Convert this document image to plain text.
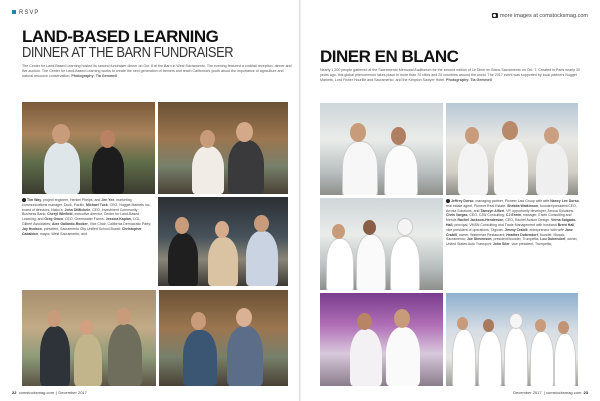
RSVP
LAND-BASED LEARNING
DINNER AT THE BARN FUNDRAISER
The Center for Land-Based Learning hosted its second fundraiser dinner on Oct. 8 at the Barn in West Sacramento. The evening featured a cocktail reception, dinner and live auction. The Center for Land-Based Learning works to create the next generation of farmers and teach California's youth about the importance of agriculture and natural resource conservation. Photography: Tia Gemmell
Tim Way, project engineer, Henkel Phelps; and Jen Yee, marketing communications manager, Duck, Pacific. Michael Tuck, CEO, Nugget Markets Inc., board of directors, Nalco's; John DiMichele, CEO, Investment Community Business Bank; Cheryl Winfield, executive director, Center for Land-Based Learning; and Greg Owen, CEO, Greenwater Farms. Jessica Kaplan, COL, Gilbert Associates; Alex Gallardo-Rooker, Vice Chair, California Democratic Party; Jay Hudson, president, Sacramento City Unified School Board; Christopher Cabaldon, mayor, West Sacramento; and
22 comstocksmag.com  | December 2017
more images at comstocksmag.com
DINER EN BLANC
Nearly 1,200 people gathered at the Sacramento Memorial Auditorium for the second edition of Le Diner en Blanc Sacramento on Oct. 7. Created in Paris nearly 30 years ago, this global phenomenon takes place in more than 70 cities and 25 countries around the world. The 2017 event was supported by local partners Nugget Markets, Lord Fisher Hourille and Sacramento, and the Kimpton Sawyer Hotel. Photography: Tia Gemmell
Jeffrey Dorso, managing partner, Pioneer Law Group with wife Nancy Lee Dorso, real estate agent, Pioneer Real Estate. Shekita Watkinson, founder/president/CEO, Arrosa Solutions, and Tamsyn Alfieri, VP, opportunity developer, Arrosa Solutions. Chris Vargas, CEO, CJW Consulting; CJ Erwin, manager, Erwin Consulting and friends Rachel Jackson-Henderson, CEO, Rachel Avalon Design. Verna Salgado-Hall, principal, VMSN Consulting and Trade Management with husband Brent Hall, vice president of operations, Olgivan. Jimmy Crabill, entrepreneur with wife Jane Crabill, owner, Waterman Restaurant; Heather Dubendorf, founder, Mosaic Sacramento; Joe Stevenson, president/founder, Trumpetta; Lou Dubendorf, owner, United States Auto Transport; John Siler, vice president, Trumpetta;
December 2017  | comstocksmag.com 23
